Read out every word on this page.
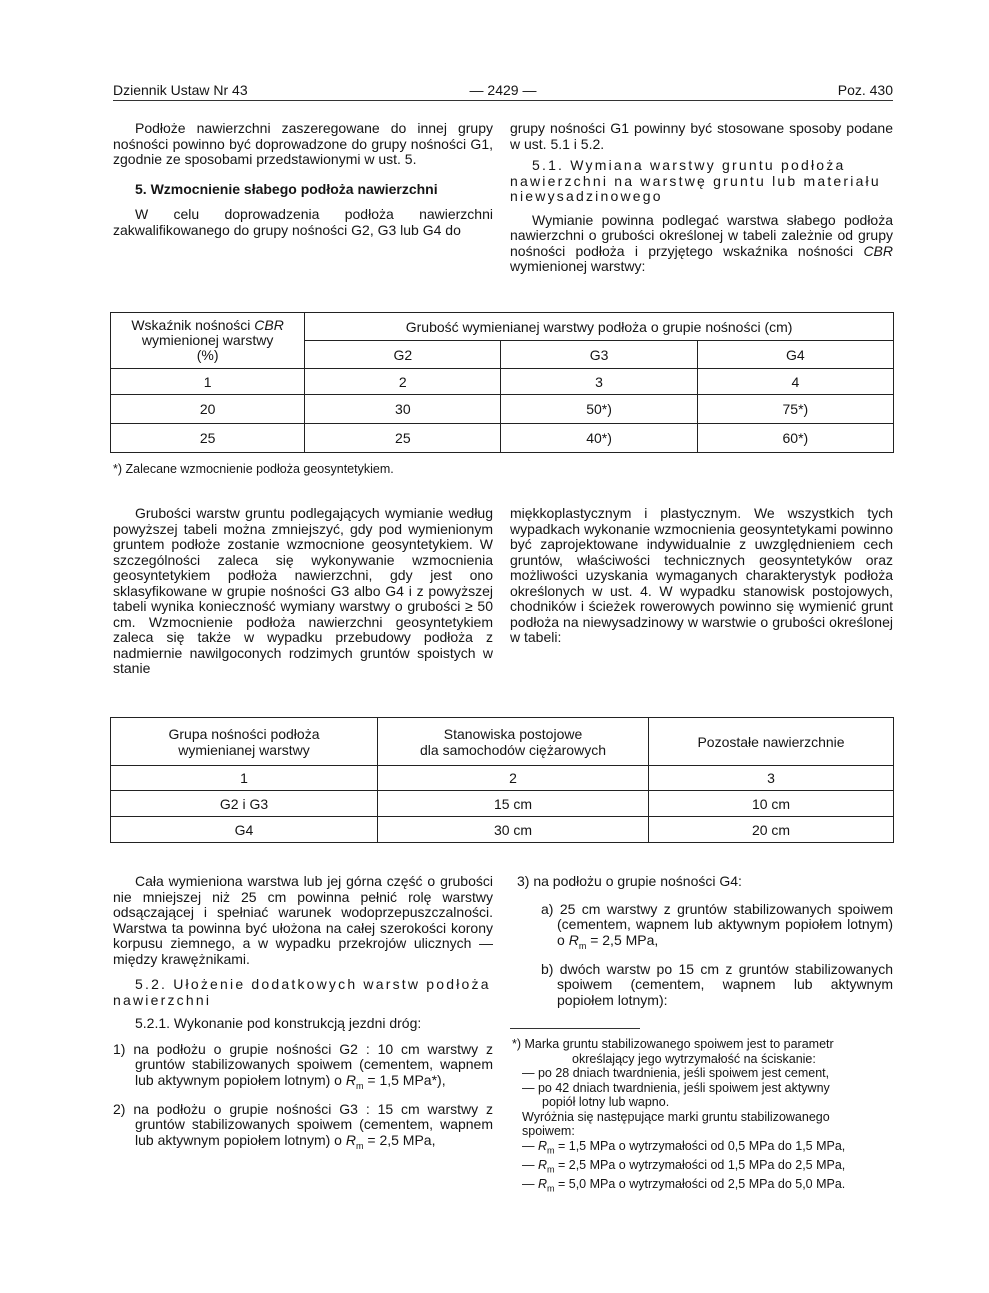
Dziennik Ustaw Nr 43	— 2429 —	Poz. 430

Podłoże nawierzchni zaszeregowane do innej grupy nośności powinno być doprowadzone do grupy nośności G1, zgodnie ze sposobami przedstawionymi w ust. 5.

5. Wzmocnienie słabego podłoża nawierzchni

W celu doprowadzenia podłoża nawierzchni zakwalifikowanego do grupy nośności G2, G3 lub G4 do

grupy nośności G1 powinny być stosowane sposoby podane w ust. 5.1 i 5.2.

5.1. Wymiana warstwy gruntu podłoża nawierzchni na warstwę gruntu lub materiału niewysadzinowego

Wymianie powinna podlegać warstwa słabego podłoża nawierzchni o grubości określonej w tabeli zależnie od grupy nośności podłoża i przyjętego wskaźnika nośności CBR wymienionej warstwy:

Wskaźnik nośności CBR
wymienionej warstwy
(%)	Grubość wymienianej warstwy podłoża o grupie nośności (cm)		
	G2	G3	G4
1	2	3	4
20	30	50*)	75*)
25	25	40*)	60*)
*) Zalecane wzmocnienie podłoża geosyntetykiem.

Grubości warstw gruntu podlegających wymianie według powyższej tabeli można zmniejszyć, gdy pod wymienionym gruntem podłoże zostanie wzmocnione geosyntetykiem. W szczególności zaleca się wykonywanie wzmocnienia geosyntetykiem podłoża nawierzchni, gdy jest ono sklasyfikowane w grupie nośności G3 albo G4 i z powyższej tabeli wynika konieczność wymiany warstwy o grubości ≥ 50 cm. Wzmocnienie podłoża nawierzchni geosyntetykiem zaleca się także w wypadku przebudowy podłoża z nadmiernie nawilgoconych rodzimych gruntów spoistych w stanie

miękkoplastycznym i plastycznym. We wszystkich tych wypadkach wykonanie wzmocnienia geosyntetykami powinno być zaprojektowane indywidualnie z uwzględnieniem cech gruntów, właściwości technicznych geosyntetyków oraz możliwości uzyskania wymaganych charakterystyk podłoża określonych w ust. 4. W wypadku stanowisk postojowych, chodników i ścieżek rowerowych powinno się wymienić grunt podłoża na niewysadzinowy w warstwie o grubości określonej w tabeli:

Grupa nośności podłoża
wymienianej warstwy	Stanowiska postojowe
dla samochodów ciężarowych	Pozostałe nawierzchnie
1	2	3
G2 i G3	15 cm	10 cm
G4	30 cm	20 cm

Cała wymieniona warstwa lub jej górna część o grubości nie mniejszej niż 25 cm powinna pełnić rolę warstwy odsączającej i spełniać warunek wodoprzepuszczalności. Warstwa ta powinna być ułożona na całej szerokości korony korpusu ziemnego, a w wypadku przekrojów ulicznych — między krawężnikami.

5.2. Ułożenie dodatkowych warstw podłoża nawierzchni

5.2.1. Wykonanie pod konstrukcją jezdni dróg:

1) na podłożu o grupie nośności G2 : 10 cm warstwy z gruntów stabilizowanych spoiwem (cementem, wapnem lub aktywnym popiołem lotnym) o $R_m = 1,5$ MPa*),
2) na podłożu o grupie nośności G3 : 15 cm warstwy z gruntów stabilizowanych spoiwem (cementem, wapnem lub aktywnym popiołem lotnym) o $R_m = 2,5$ MPa,

3) na podłożu o grupie nośności G4:

a) 25 cm warstwy z gruntów stabilizowanych spoiwem (cementem, wapnem lub aktywnym popiołem lotnym) o $R_m = 2,5$ MPa,
b) dwóch warstw po 15 cm z gruntów stabilizowanych spoiwem (cementem, wapnem lub aktywnym popiołem lotnym):
*) Marka gruntu stabilizowanego spoiwem jest to parametr
określający jego wytrzymałość na ściskanie:
— po 28 dniach twardnienia, jeśli spoiwem jest cement,
— po 42 dniach twardnienia, jeśli spoiwem jest aktywny
popiół lotny lub wapno.
Wyróżnia się następujące marki gruntu stabilizowanego
spoiwem:
— $R_m = 1,5$ MPa o wytrzymałości od 0,5 MPa do 1,5 MPa,
— $R_m = 2,5$ MPa o wytrzymałości od 1,5 MPa do 2,5 MPa,
— $R_m = 5,0$ MPa o wytrzymałości od 2,5 MPa do 5,0 MPa.
